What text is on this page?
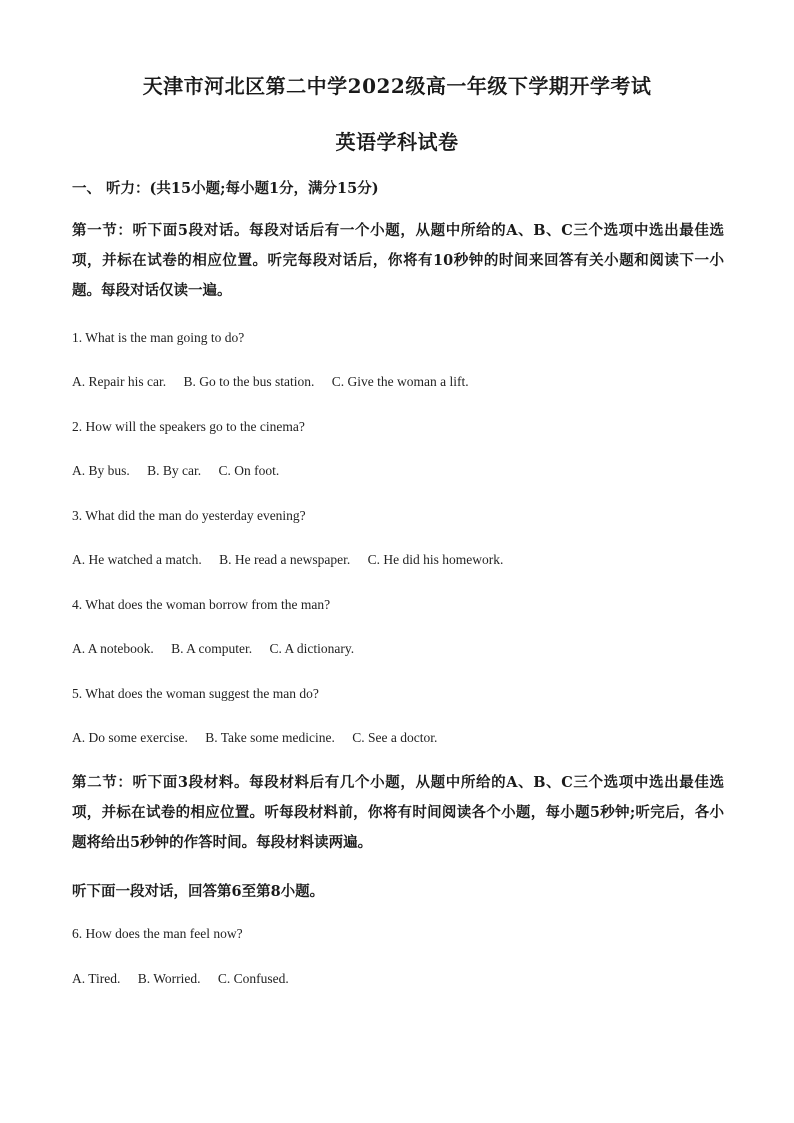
天津市河北区第二中学2022级高一年级下学期开学考试
英语学科试卷
一、 听力：(共15小题;每小题1分，满分15分)
第一节：听下面5段对话。每段对话后有一个小题，从题中所给的A、B、C三个选项中选出最佳选项，并标在试卷的相应位置。听完每段对话后，你将有10秒钟的时间来回答有关小题和阅读下一小题。每段对话仅读一遍。
1. What is the man going to do?
A. Repair his car. B. Go to the bus station. C. Give the woman a lift.
2. How will the speakers go to the cinema?
A. By bus. B. By car. C. On foot.
3. What did the man do yesterday evening?
A. He watched a match. B. He read a newspaper. C. He did his homework.
4. What does the woman borrow from the man?
A. A notebook. B. A computer. C. A dictionary.
5. What does the woman suggest the man do?
A. Do some exercise. B. Take some medicine. C. See a doctor.
第二节：听下面3段材料。每段材料后有几个小题，从题中所给的A、B、C三个选项中选出最佳选项，并标在试卷的相应位置。听每段材料前，你将有时间阅读各个小题，每小题5秒钟;听完后，各小题将给出5秒钟的作答时间。每段材料读两遍。
听下面一段对话，回答第6至第8小题。
6. How does the man feel now?
A. Tired. B. Worried. C. Confused.
